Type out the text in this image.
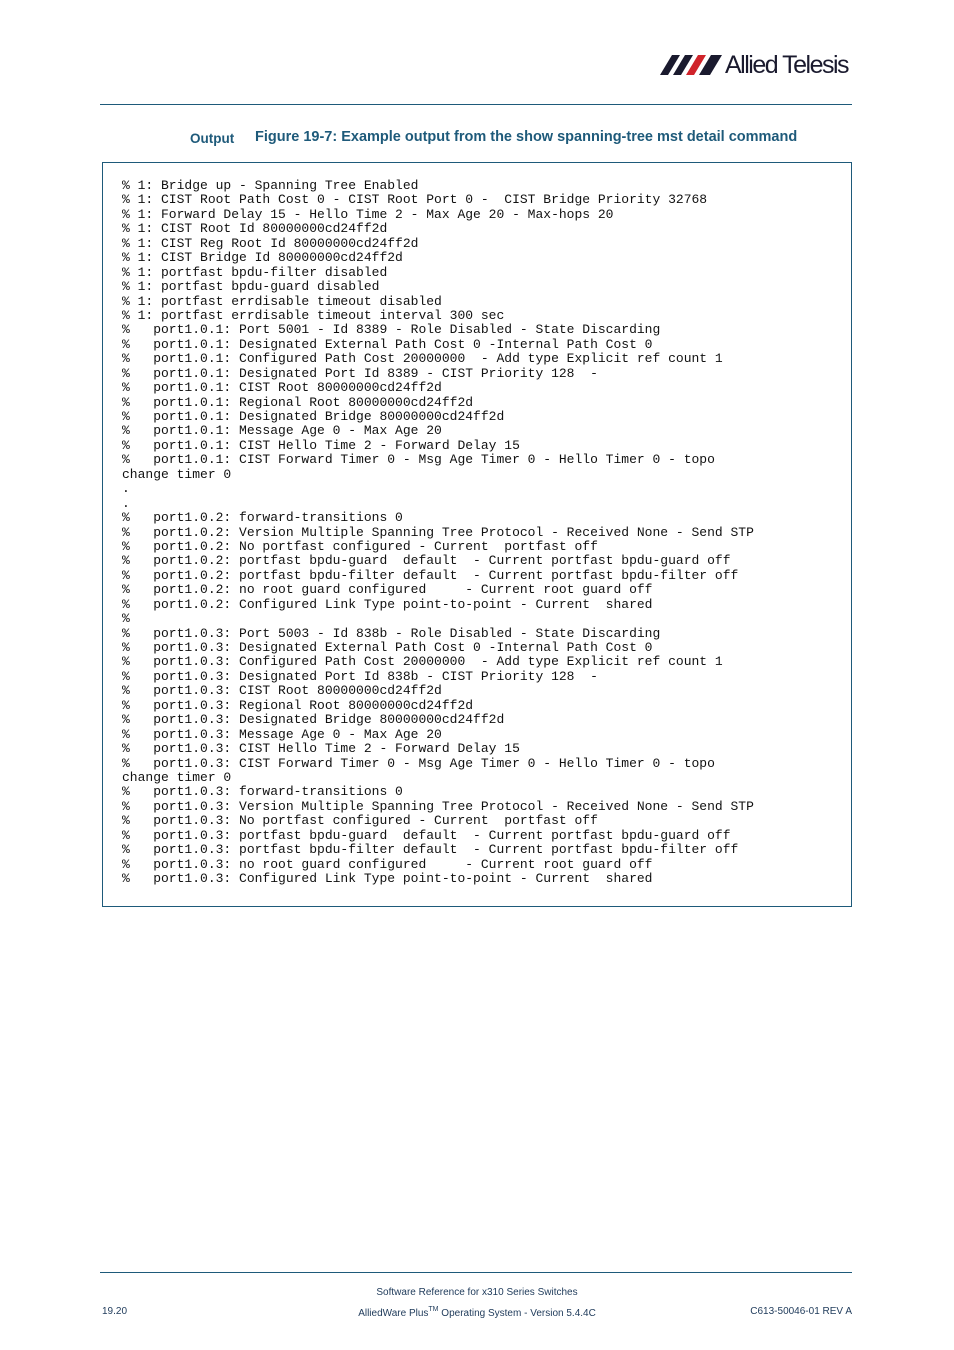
Allied Telesis
Output Figure 19-7: Example output from the show spanning-tree mst detail command
% 1: Bridge up - Spanning Tree Enabled
% 1: CIST Root Path Cost 0 - CIST Root Port 0 -  CIST Bridge Priority 32768
% 1: Forward Delay 15 - Hello Time 2 - Max Age 20 - Max-hops 20
% 1: CIST Root Id 80000000cd24ff2d
% 1: CIST Reg Root Id 80000000cd24ff2d
% 1: CIST Bridge Id 80000000cd24ff2d
% 1: portfast bpdu-filter disabled
% 1: portfast bpdu-guard disabled
% 1: portfast errdisable timeout disabled
% 1: portfast errdisable timeout interval 300 sec
%   port1.0.1: Port 5001 - Id 8389 - Role Disabled - State Discarding
%   port1.0.1: Designated External Path Cost 0 -Internal Path Cost 0
%   port1.0.1: Configured Path Cost 20000000  - Add type Explicit ref count 1
%   port1.0.1: Designated Port Id 8389 - CIST Priority 128  -
%   port1.0.1: CIST Root 80000000cd24ff2d
%   port1.0.1: Regional Root 80000000cd24ff2d
%   port1.0.1: Designated Bridge 80000000cd24ff2d
%   port1.0.1: Message Age 0 - Max Age 20
%   port1.0.1: CIST Hello Time 2 - Forward Delay 15
%   port1.0.1: CIST Forward Timer 0 - Msg Age Timer 0 - Hello Timer 0 - topo
change timer 0
.
.
%   port1.0.2: forward-transitions 0
%   port1.0.2: Version Multiple Spanning Tree Protocol - Received None - Send STP
%   port1.0.2: No portfast configured - Current  portfast off
%   port1.0.2: portfast bpdu-guard  default  - Current portfast bpdu-guard off
%   port1.0.2: portfast bpdu-filter default  - Current portfast bpdu-filter off
%   port1.0.2: no root guard configured     - Current root guard off
%   port1.0.2: Configured Link Type point-to-point - Current  shared
%
%   port1.0.3: Port 5003 - Id 838b - Role Disabled - State Discarding
%   port1.0.3: Designated External Path Cost 0 -Internal Path Cost 0
%   port1.0.3: Configured Path Cost 20000000  - Add type Explicit ref count 1
%   port1.0.3: Designated Port Id 838b - CIST Priority 128  -
%   port1.0.3: CIST Root 80000000cd24ff2d
%   port1.0.3: Regional Root 80000000cd24ff2d
%   port1.0.3: Designated Bridge 80000000cd24ff2d
%   port1.0.3: Message Age 0 - Max Age 20
%   port1.0.3: CIST Hello Time 2 - Forward Delay 15
%   port1.0.3: CIST Forward Timer 0 - Msg Age Timer 0 - Hello Timer 0 - topo
change timer 0
%   port1.0.3: forward-transitions 0
%   port1.0.3: Version Multiple Spanning Tree Protocol - Received None - Send STP
%   port1.0.3: No portfast configured - Current  portfast off
%   port1.0.3: portfast bpdu-guard  default  - Current portfast bpdu-guard off
%   port1.0.3: portfast bpdu-filter default  - Current portfast bpdu-filter off
%   port1.0.3: no root guard configured     - Current root guard off
%   port1.0.3: Configured Link Type point-to-point - Current  shared
Software Reference for x310 Series Switches
19.20	AlliedWare Plus™ Operating System - Version 5.4.4C	C613-50046-01 REV A
